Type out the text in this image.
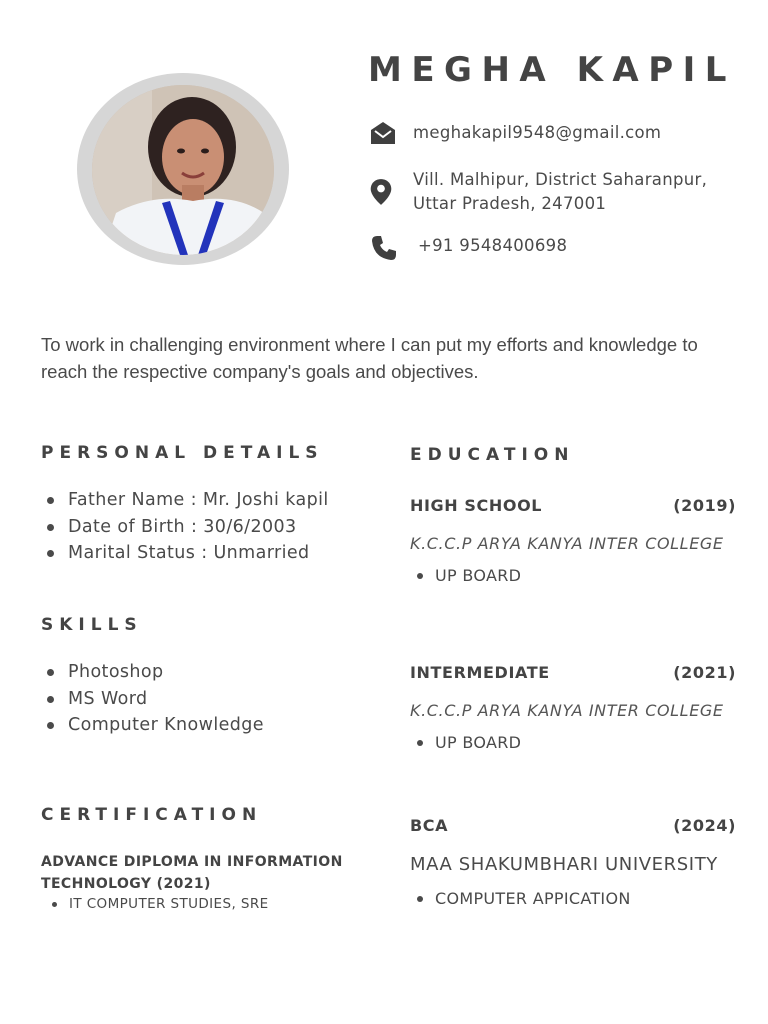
MEGHA KAPIL
meghakapil9548@gmail.com
Vill. Malhipur, District Saharanpur,
Uttar Pradesh, 247001
+91 9548400698
To work in challenging environment where I can put my efforts and knowledge to reach the respective company's goals and objectives.
PERSONAL DETAILS
Father Name : Mr. Joshi kapil
Date of Birth : 30/6/2003
Marital Status : Unmarried
SKILLS
Photoshop
MS Word
Computer Knowledge
CERTIFICATION
ADVANCE DIPLOMA IN INFORMATION TECHNOLOGY (2021)
IT COMPUTER STUDIES, SRE
EDUCATION
HIGH SCHOOL	(2019)
K.C.C.P ARYA KANYA INTER COLLEGE
UP BOARD
INTERMEDIATE	(2021)
K.C.C.P ARYA KANYA INTER COLLEGE
UP BOARD
BCA	(2024)
MAA SHAKUMBHARI UNIVERSITY
COMPUTER APPICATION
